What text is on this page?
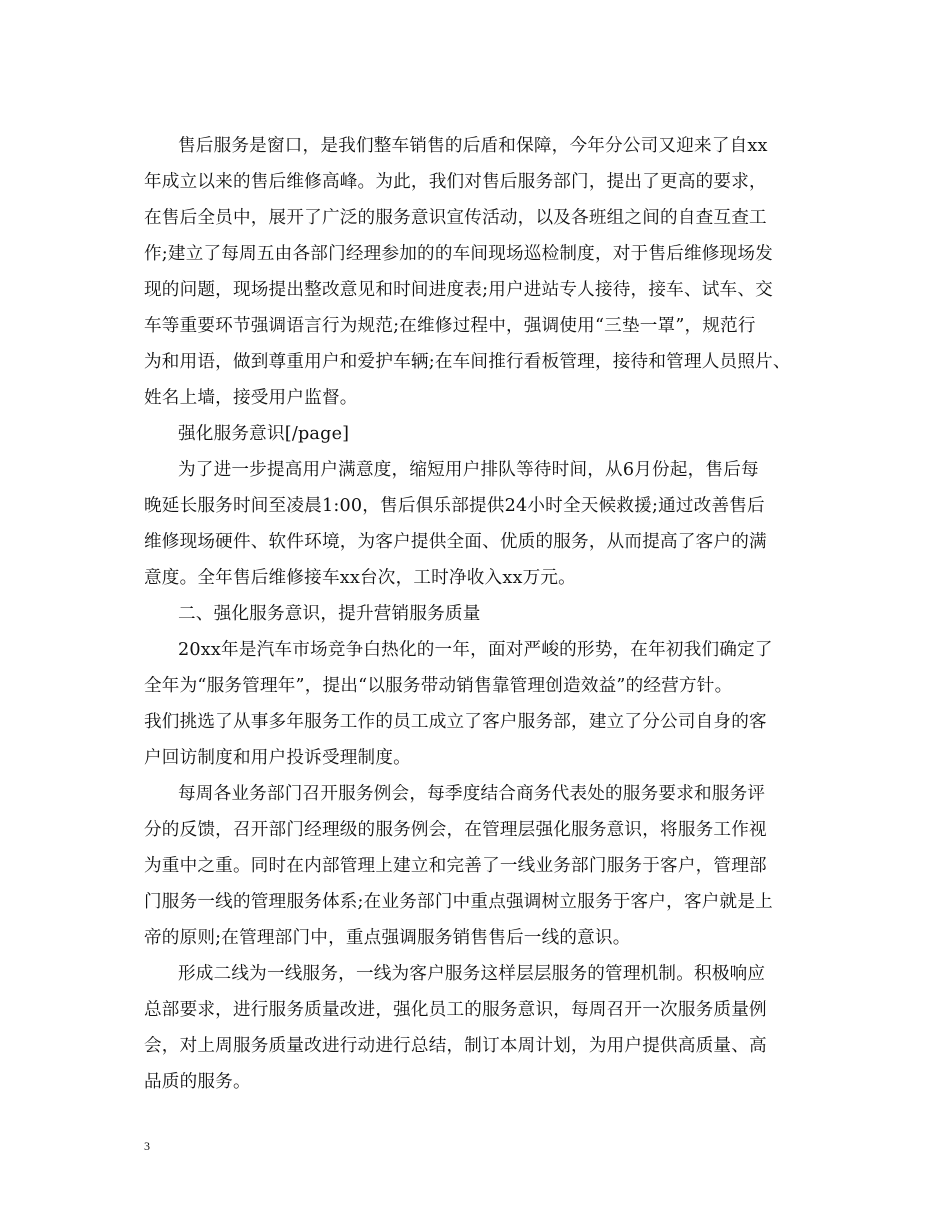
售后服务是窗口，是我们整车销售的后盾和保障，今年分公司又迎来了自xx
年成立以来的售后维修高峰。为此，我们对售后服务部门，提出了更高的要求，
在售后全员中，展开了广泛的服务意识宣传活动，以及各班组之间的自查互查工
作;建立了每周五由各部门经理参加的的车间现场巡检制度，对于售后维修现场发
现的问题，现场提出整改意见和时间进度表;用户进站专人接待，接车、试车、交
车等重要环节强调语言行为规范;在维修过程中，强调使用“三垫一罩”，规范行
为和用语，做到尊重用户和爱护车辆;在车间推行看板管理，接待和管理人员照片、
姓名上墙，接受用户监督。
强化服务意识[/page]
为了进一步提高用户满意度，缩短用户排队等待时间，从6月份起，售后每
晚延长服务时间至凌晨1:00，售后俱乐部提供24小时全天候救援;通过改善售后
维修现场硬件、软件环境，为客户提供全面、优质的服务，从而提高了客户的满
意度。全年售后维修接车xx台次，工时净收入xx万元。
二、强化服务意识，提升营销服务质量
20xx年是汽车市场竞争白热化的一年，面对严峻的形势，在年初我们确定了
全年为“服务管理年”，提出“以服务带动销售靠管理创造效益”的经营方针。
我们挑选了从事多年服务工作的员工成立了客户服务部，建立了分公司自身的客
户回访制度和用户投诉受理制度。
每周各业务部门召开服务例会，每季度结合商务代表处的服务要求和服务评
分的反馈，召开部门经理级的服务例会，在管理层强化服务意识，将服务工作视
为重中之重。同时在内部管理上建立和完善了一线业务部门服务于客户，管理部
门服务一线的管理服务体系;在业务部门中重点强调树立服务于客户，客户就是上
帝的原则;在管理部门中，重点强调服务销售售后一线的意识。
形成二线为一线服务，一线为客户服务这样层层服务的管理机制。积极响应
总部要求，进行服务质量改进，强化员工的服务意识，每周召开一次服务质量例
会，对上周服务质量改进行动进行总结，制订本周计划，为用户提供高质量、高
品质的服务。
3
